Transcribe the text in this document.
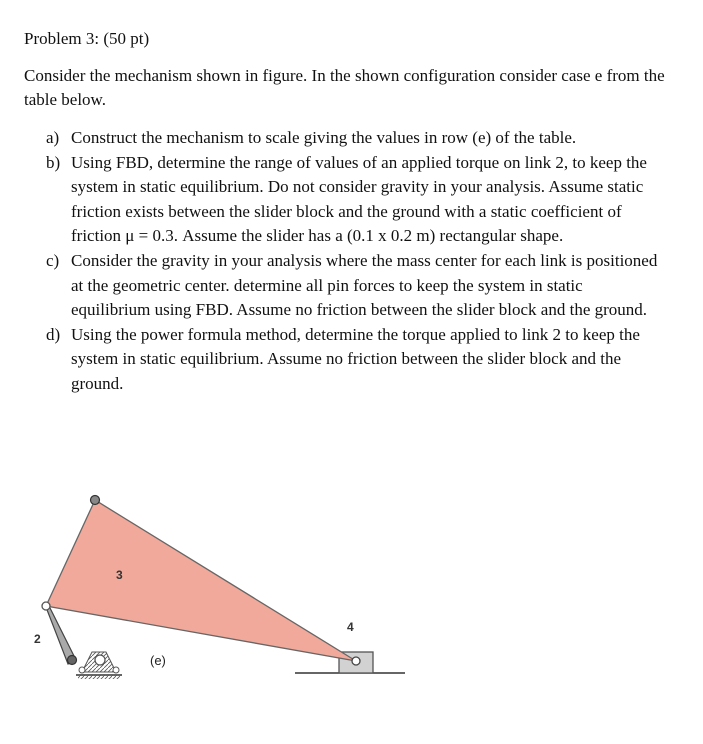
Problem 3: (50 pt)
Consider the mechanism shown in figure. In the shown configuration consider case e from the table below.
a) Construct the mechanism to scale giving the values in row (e) of the table.
b) Using FBD, determine the range of values of an applied torque on link 2, to keep the system in static equilibrium. Do not consider gravity in your analysis. Assume static friction exists between the slider block and the ground with a static coefficient of friction μ = 0.3. Assume the slider has a (0.1 x 0.2 m) rectangular shape.
c) Consider the gravity in your analysis where the mass center for each link is positioned at the geometric center. determine all pin forces to keep the system in static equilibrium using FBD. Assume no friction between the slider block and the ground.
d) Using the power formula method, determine the torque applied to link 2 to keep the system in static equilibrium. Assume no friction between the slider block and the ground.
3
2
4
(e)
